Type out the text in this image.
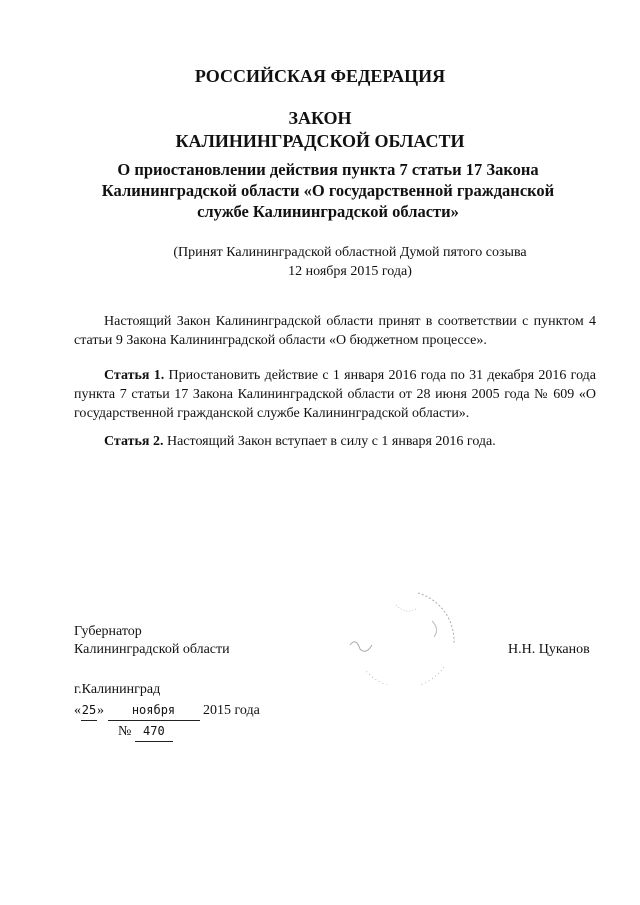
РОССИЙСКАЯ ФЕДЕРАЦИЯ
ЗАКОН
КАЛИНИНГРАДСКОЙ ОБЛАСТИ
О приостановлении действия пункта 7 статьи 17 Закона Калининградской области «О государственной гражданской службе Калининградской области»
(Принят Калининградской областной Думой пятого созыва
12 ноября 2015 года)
Настоящий Закон Калининградской области принят в соответствии с пунктом 4 статьи 9 Закона Калининградской области «О бюджетном процессе».
Статья 1. Приостановить действие с 1 января 2016 года по 31 декабря 2016 года пункта 7 статьи 17 Закона Калининградской области от 28 июня 2005 года № 609 «О государственной гражданской службе Калининградской области».
Статья 2. Настоящий Закон вступает в силу с 1 января 2016 года.
Губернатор
Калининградской области	Н.Н. Цуканов
г.Калининград
«25» ноября 2015 года
№ 470
